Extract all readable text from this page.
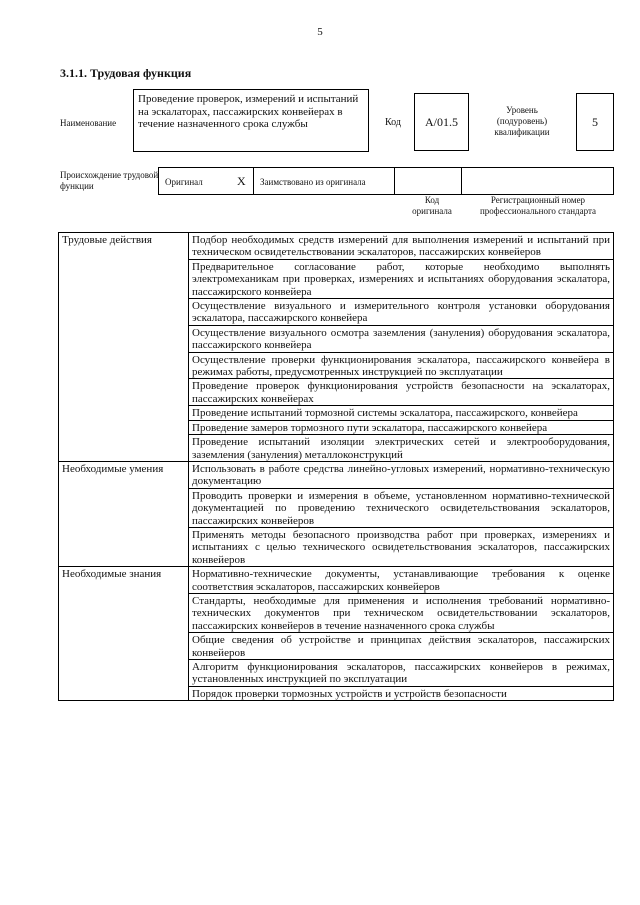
5
3.1.1. Трудовая функция
Наименование
Проведение проверок, измерений и испытаний на эскалаторах, пассажирских конвейерах в течение назначенного срока службы	Код A/01.5
Уровень (подуровень) квалификации
5
Происхождение трудовой функции	Оригинал	X Заимствовано из оригинала
Код оригинала
Регистрационный номер профессионального стандарта
Трудовые действия	Подбор необходимых средств измерений для выполнения измерений и испытаний при техническом освидетельствовании эскалаторов, пассажирских конвейеров
	Предварительное согласование работ, которые необходимо выполнять электромеханикам при проверках, измерениях и испытаниях оборудования эскалатора, пассажирского конвейера
	Осуществление визуального и измерительного контроля установки оборудования эскалатора, пассажирского конвейера
	Осуществление визуального осмотра заземления (зануления) оборудования эскалатора, пассажирского конвейера
	Осуществление проверки функционирования эскалатора, пассажирского конвейера в режимах работы, предусмотренных инструкцией по эксплуатации
	Проведение проверок функционирования устройств безопасности на эскалаторах, пассажирских конвейерах
	Проведение испытаний тормозной системы эскалатора, пассажирского, конвейера
	Проведение замеров тормозного пути эскалатора, пассажирского конвейера
	Проведение испытаний изоляции электрических сетей и электрооборудования, заземления (зануления) металлоконструкций
Необходимые умения	Использовать в работе средства линейно-угловых измерений, нормативно-техническую документацию
	Проводить проверки и измерения в объеме, установленном нормативно-технической документацией по проведению технического освидетельствования эскалаторов, пассажирских конвейеров
	Применять методы безопасного производства работ при проверках, измерениях и испытаниях с целью технического освидетельствования эскалаторов, пассажирских конвейеров
Необходимые знания	Нормативно-технические документы, устанавливающие требования к оценке соответствия эскалаторов, пассажирских конвейеров
	Стандарты, необходимые для применения и исполнения требований нормативно-технических документов при техническом освидетельствовании эскалаторов, пассажирских конвейеров в течение назначенного срока службы
	Общие сведения об устройстве и принципах действия эскалаторов, пассажирских конвейеров
	Алгоритм функционирования эскалаторов, пассажирских конвейеров в режимах, установленных инструкцией по эксплуатации
	Порядок проверки тормозных устройств и устройств безопасности
